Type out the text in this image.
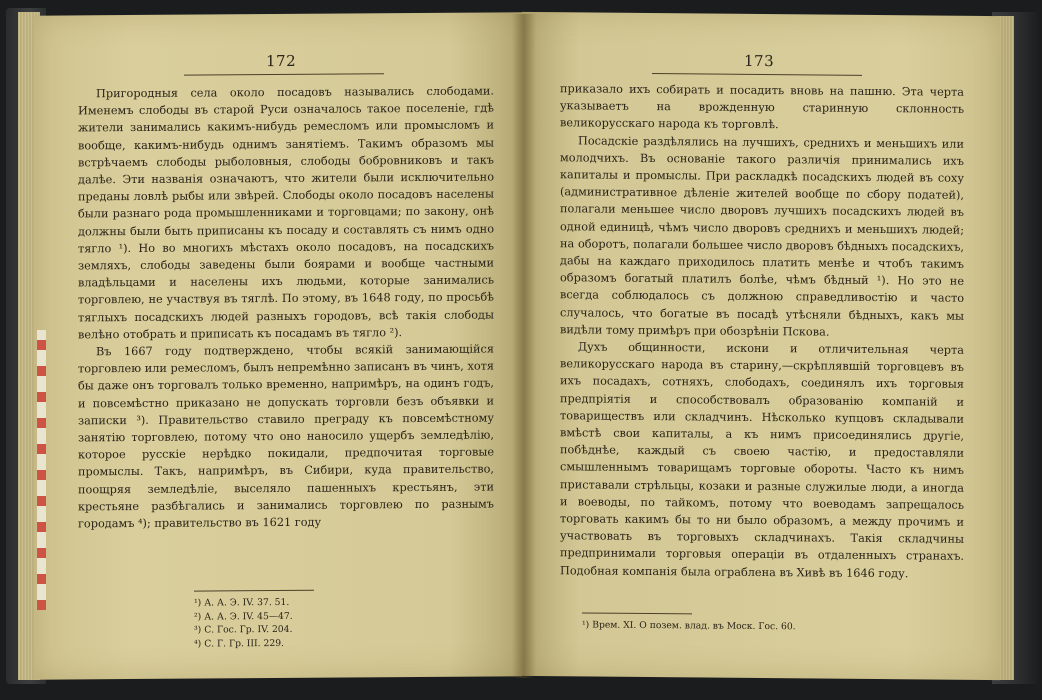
172

Пригородныя села около посадовъ назывались слободами. Именемъ слободы въ старой Руси означалось такое поселеніе, гдѣ жители занимались какимъ-нибудь ремесломъ или промысломъ и вообще, какимъ-нибудь однимъ занятіемъ. Такимъ образомъ мы встрѣчаемъ слободы рыболовныя, слободы бобровниковъ и такъ далѣе. Эти названія означаютъ, что жители были исключительно преданы ловлѣ рыбы или звѣрей. Слободы около посадовъ населены были разнаго рода промышленниками и торговцами; по закону, онѣ должны были быть приписаны къ посаду и составлять съ нимъ одно тягло ¹). Но во многихъ мѣстахъ около посадовъ, на посадскихъ земляхъ, слободы заведены были боярами и вообще частными владѣльцами и населены ихъ людьми, которые занимались торговлею, не участвуя въ тяглѣ. По этому, въ 1648 году, по просьбѣ тяглыхъ посадскихъ людей разныхъ городовъ, всѣ такія слободы велѣно отобрать и приписать къ посадамъ въ тягло ²).

Въ 1667 году подтверждено, чтобы всякій занимающійся торговлею или ремесломъ, былъ непремѣнно записанъ въ чинъ, хотя бы даже онъ торговалъ только временно, напримѣръ, на одинъ годъ, и повсемѣстно приказано не допускать торговли безъ объявки и записки ³). Правительство ставило преграду къ повсемѣстному занятію торговлею, потому что оно наносило ущербъ земледѣлію, которое русскіе нерѣдко покидали, предпочитая торговые промыслы. Такъ, напримѣръ, въ Сибири, куда правительство, поощряя земледѣліе, выселяло пашенныхъ крестьянъ, эти крестьяне разбѣгались и занимались торговлею по разнымъ городамъ ⁴); правительство въ 1621 году

¹) А. А. Э. IV. 37. 51.
²) А. А. Э. IV. 45—47.
³) С. Гос. Гр. IV. 204.
⁴) С. Г. Гр. III. 229.
173

приказало ихъ собирать и посадить вновь на пашню. Эта черта указываетъ на врожденную старинную склонность великорусскаго народа къ торговлѣ.

Посадскіе раздѣлялись на лучшихъ, среднихъ и меньшихъ или молодчихъ. Въ основаніе такого различія принимались ихъ капиталы и промыслы. При раскладкѣ посадскихъ людей въ соху (административное дѣленіе жителей вообще по сбору податей), полагали меньшее число дворовъ лучшихъ посадскихъ людей въ одной единицѣ, чѣмъ число дворовъ среднихъ и меньшихъ людей; на оборотъ, полагали большее число дворовъ бѣдныхъ посадскихъ, дабы на каждаго приходилось платить менѣе и чтобъ такимъ образомъ богатый платилъ болѣе, чѣмъ бѣдный ¹). Но это не всегда соблюдалось съ должною справедливостію и часто случалось, что богатые въ посадѣ утѣсняли бѣдныхъ, какъ мы видѣли тому примѣръ при обозрѣніи Пскова.

Духъ общинности, искони и отличительная черта великорусскаго народа въ старину,—скрѣплявшій торговцевъ въ ихъ посадахъ, сотняхъ, слободахъ, соединялъ ихъ торговыя предпріятія и способствовалъ образованію компаній и товариществъ или складчинъ. Нѣсколько купцовъ складывали вмѣстѣ свои капиталы, а къ нимъ присоединялись другіе, побѣднѣе, каждый съ своею частію, и предоставляли смышленнымъ товарищамъ торговые обороты. Часто къ нимъ приставали стрѣльцы, козаки и разные служилые люди, а иногда и воеводы, по тайкомъ, потому что воеводамъ запрещалось торговать какимъ бы то ни было образомъ, а между прочимъ и участвовать въ торговыхъ складчинахъ. Такія складчины предпринимали торговыя операціи въ отдаленныхъ странахъ. Подобная компанія была ограблена въ Хивѣ въ 1646 году.

¹) Врем. XI. О позем. влад. въ Моск. Гос. 60.
